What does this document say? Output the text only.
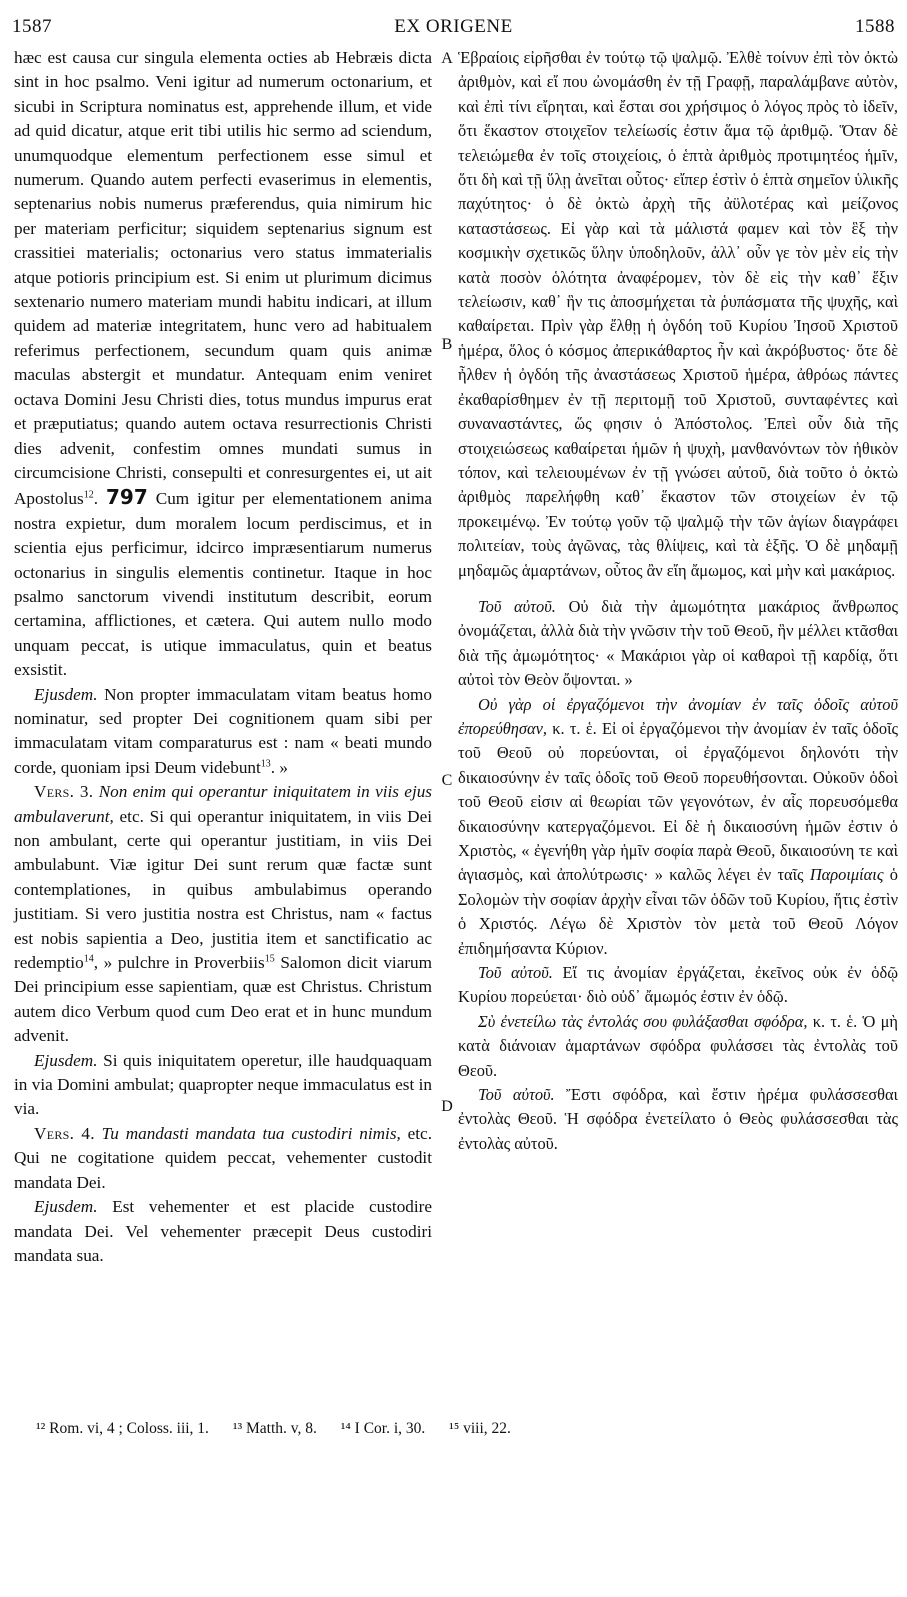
1587	EX ORIGENE	1588
A
B
C
D

hæc est causa cur singula elementa octies ab Hebræis dicta sint in hoc psalmo. Veni igitur ad numerum octonarium, et sicubi in Scriptura nominatus est, apprehende illum, et vide ad quid dicatur, atque erit tibi utilis hic sermo ad sciendum, unumquodque elementum perfectionem esse simul et numerum. Quando autem perfecti evaserimus in elementis, septenarius nobis numerus præferendus, quia nimirum hic per materiam perficitur; siquidem septenarius signum est crassitiei materialis; octonarius vero status immaterialis atque potioris principium est. Si enim ut plurimum dicimus sextenario numero materiam mundi habitu indicari, at illum quidem ad materiæ integritatem, hunc vero ad habitualem referimus perfectionem, secundum quam quis animæ maculas abstergit et mundatur. Antequam enim veniret octava Domini Jesu Christi dies, totus mundus impurus erat et præputiatus; quando autem octava resurrectionis Christi dies advenit, confestim omnes mundati sumus in circumcisione Christi, consepulti et conresurgentes ei, ut ait Apostolus$^{12}$. 797 Cum igitur per elementationem anima nostra expietur, dum moralem locum perdiscimus, et in scientia ejus perficimur, idcirco impræsentiarum numerus octonarius in singulis elementis continetur. Itaque in hoc psalmo sanctorum vivendi institutum describit, eorum certamina, afflictiones, et cætera. Qui autem nullo modo unquam peccat, is utique immaculatus, quin et beatus exsistit.

Ejusdem. Non propter immaculatam vitam beatus homo nominatur, sed propter Dei cognitionem quam sibi per immaculatam vitam comparaturus est : nam « beati mundo corde, quoniam ipsi Deum videbunt$^{13}$. »

Vers. 3. Non enim qui operantur iniquitatem in viis ejus ambulaverunt, etc. Si qui operantur iniquitatem, in viis Dei non ambulant, certe qui operantur justitiam, in viis Dei ambulabunt. Viæ igitur Dei sunt rerum quæ factæ sunt contemplationes, in quibus ambulabimus operando justitiam. Si vero justitia nostra est Christus, nam « factus est nobis sapientia a Deo, justitia item et sanctificatio ac redemptio$^{14}$, » pulchre in Proverbiis$^{15}$ Salomon dicit viarum Dei principium esse sapientiam, quæ est Christus. Christum autem dico Verbum quod cum Deo erat et in hunc mundum advenit.

Ejusdem. Si quis iniquitatem operetur, ille haudquaquam in via Domini ambulat; quapropter neque immaculatus est in via.

Vers. 4. Tu mandasti mandata tua custodiri nimis, etc. Qui ne cogitatione quidem peccat, vehementer custodit mandata Dei.

Ejusdem. Est vehementer et est placide custodire mandata Dei. Vel vehementer præcepit Deus custodiri mandata sua.

Ἑβραίοις εἰρῆσθαι ἐν τούτῳ τῷ ψαλμῷ. Ἐλθὲ τοίνυν ἐπὶ τὸν ὀκτὼ ἀριθμὸν, καὶ εἴ που ὠνομάσθη ἐν τῇ Γραφῇ, παραλάμβανε αὐτὸν, καὶ ἐπὶ τίνι εἴρηται, καὶ ἔσται σοι χρήσιμος ὁ λόγος πρὸς τὸ ἰδεῖν, ὅτι ἕκαστον στοιχεῖον τελείωσίς ἐστιν ἅμα τῷ ἀριθμῷ. Ὅταν δὲ τελειώμεθα ἐν τοῖς στοιχείοις, ὁ ἑπτὰ ἀριθμὸς προτιμητέος ἡμῖν, ὅτι δὴ καὶ τῇ ὕλῃ ἀνεῖται οὗτος· εἴπερ ἐστὶν ὁ ἑπτὰ σημεῖον ὑλικῆς παχύτητος· ὁ δὲ ὀκτὼ ἀρχὴ τῆς ἀϋλοτέρας καὶ μείζονος καταστάσεως. Εἰ γὰρ καὶ τὰ μάλιστά φαμεν καὶ τὸν ἓξ τὴν κοσμικὴν σχετικῶς ὕλην ὑποδηλοῦν, ἀλλ᾽ οὖν γε τὸν μὲν εἰς τὴν κατὰ ποσὸν ὁλότητα ἀναφέρομεν, τὸν δὲ εἰς τὴν καθ᾽ ἕξιν τελείωσιν, καθ᾽ ἣν τις ἀποσμήχεται τὰ ῥυπάσματα τῆς ψυχῆς, καὶ καθαίρεται. Πρὶν γὰρ ἔλθῃ ἡ ὀγδόη τοῦ Κυρίου Ἰησοῦ Χριστοῦ ἡμέρα, ὅλος ὁ κόσμος ἀπερικάθαρτος ἦν καὶ ἀκρόβυστος· ὅτε δὲ ἦλθεν ἡ ὀγδόη τῆς ἀναστάσεως Χριστοῦ ἡμέρα, ἀθρόως πάντες ἐκαθαρίσθημεν ἐν τῇ περιτομῇ τοῦ Χριστοῦ, συνταφέντες καὶ συναναστάντες, ὥς φησιν ὁ Ἀπόστολος. Ἐπεὶ οὖν διὰ τῆς στοιχειώσεως καθαίρεται ἡμῶν ἡ ψυχὴ, μανθανόντων τὸν ἠθικὸν τόπον, καὶ τελειουμένων ἐν τῇ γνώσει αὐτοῦ, διὰ τοῦτο ὁ ὀκτὼ ἀριθμὸς παρελήφθη καθ᾽ ἕκαστον τῶν στοιχείων ἐν τῷ προκειμένῳ. Ἐν τούτῳ γοῦν τῷ ψαλμῷ τὴν τῶν ἁγίων διαγράφει πολιτείαν, τοὺς ἀγῶνας, τὰς θλίψεις, καὶ τὰ ἑξῆς. Ὁ δὲ μηδαμῇ μηδαμῶς ἁμαρτάνων, οὗτος ἂν εἴη ἄμωμος, καὶ μὴν καὶ μακάριος.

Τοῦ αὐτοῦ. Οὐ διὰ τὴν ἀμωμότητα μακάριος ἄνθρωπος ὀνομάζεται, ἀλλὰ διὰ τὴν γνῶσιν τὴν τοῦ Θεοῦ, ἣν μέλλει κτᾶσθαι διὰ τῆς ἀμωμότητος· « Μακάριοι γὰρ οἱ καθαροὶ τῇ καρδίᾳ, ὅτι αὐτοὶ τὸν Θεὸν ὄψονται. »

Οὐ γὰρ οἱ ἐργαζόμενοι τὴν ἀνομίαν ἐν ταῖς ὁδοῖς αὐτοῦ ἐπορεύθησαν, κ. τ. ἑ. Εἰ οἱ ἐργαζόμενοι τὴν ἀνομίαν ἐν ταῖς ὁδοῖς τοῦ Θεοῦ οὐ πορεύονται, οἱ ἐργαζόμενοι δηλονότι τὴν δικαιοσύνην ἐν ταῖς ὁδοῖς τοῦ Θεοῦ πορευθήσονται. Οὐκοῦν ὁδοὶ τοῦ Θεοῦ εἰσιν αἱ θεωρίαι τῶν γεγονότων, ἐν αἷς πορευσόμεθα δικαιοσύνην κατεργαζόμενοι. Εἰ δὲ ἡ δικαιοσύνη ἡμῶν ἐστιν ὁ Χριστὸς, « ἐγενήθη γὰρ ἡμῖν σοφία παρὰ Θεοῦ, δικαιοσύνη τε καὶ ἁγιασμὸς, καὶ ἀπολύτρωσις· » καλῶς λέγει ἐν ταῖς Παροιμίαις ὁ Σολομὼν τὴν σοφίαν ἀρχὴν εἶναι τῶν ὁδῶν τοῦ Κυρίου, ἥτις ἐστὶν ὁ Χριστός. Λέγω δὲ Χριστὸν τὸν μετὰ τοῦ Θεοῦ Λόγον ἐπιδημήσαντα Κύριον.

Τοῦ αὐτοῦ. Εἴ τις ἀνομίαν ἐργάζεται, ἐκεῖνος οὐκ ἐν ὁδῷ Κυρίου πορεύεται· διὸ οὐδ᾽ ἄμωμός ἐστιν ἐν ὁδῷ.

Σὺ ἐνετείλω τὰς ἐντολάς σου φυλάξασθαι σφόδρα, κ. τ. ἑ. Ὁ μὴ κατὰ διάνοιαν ἁμαρτάνων σφόδρα φυλάσσει τὰς ἐντολὰς τοῦ Θεοῦ.

Τοῦ αὐτοῦ. Ἔστι σφόδρα, καὶ ἔστιν ἠρέμα φυλάσσεσθαι ἐντολὰς Θεοῦ. Ἡ σφόδρα ἐνετείλατο ὁ Θεὸς φυλάσσεσθαι τὰς ἐντολὰς αὐτοῦ.

¹² Rom. vi, 4 ; Coloss. iii, 1. ¹³ Matth. v, 8. ¹⁴ I Cor. i, 30. ¹⁵ viii, 22.
